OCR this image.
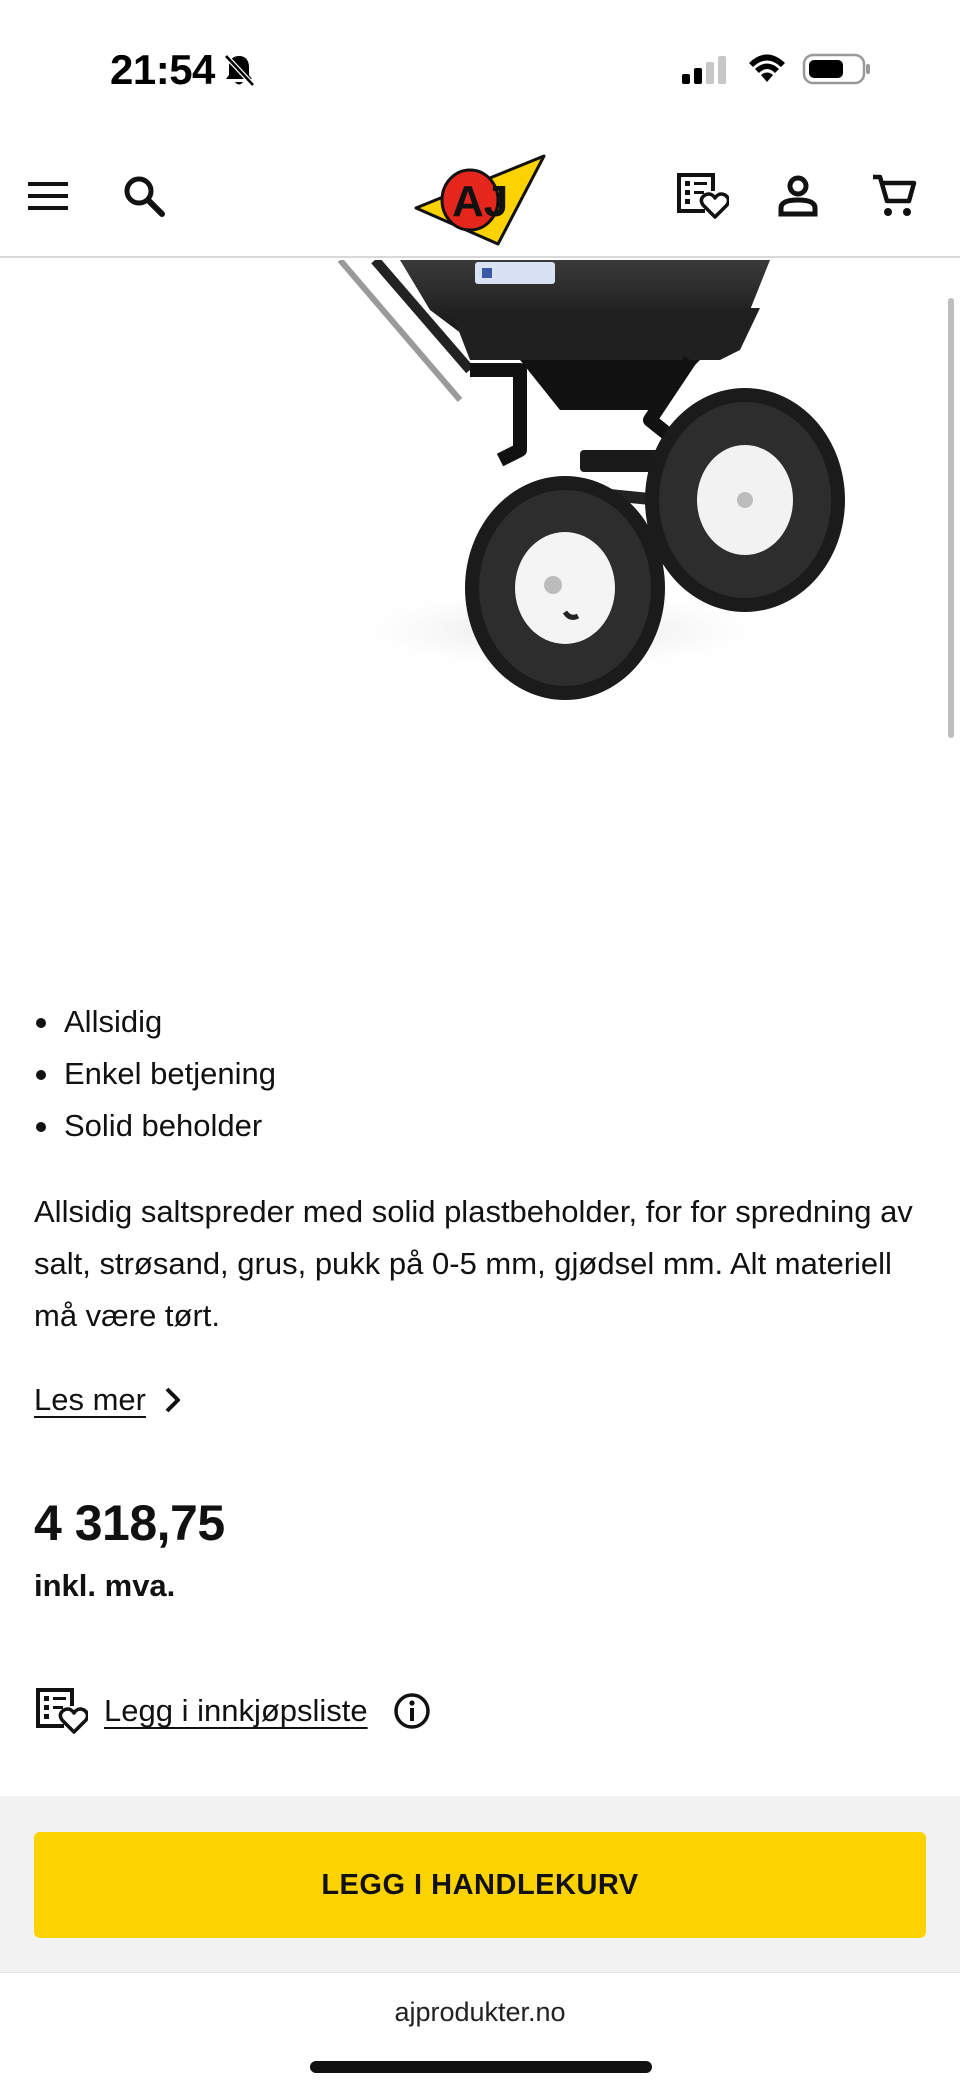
21:54
AJ
Allsidig
Enkel betjening
Solid beholder

Allsidig saltspreder med solid plastbeholder, for for spredning av salt, strøsand, grus, pukk på 0-5 mm, gjødsel mm. Alt materiell må være tørt.

Les mer
4 318,75
inkl. mva.
Legg i innkjøpsliste
LEGG I HANDLEKURV
ajprodukter.no
